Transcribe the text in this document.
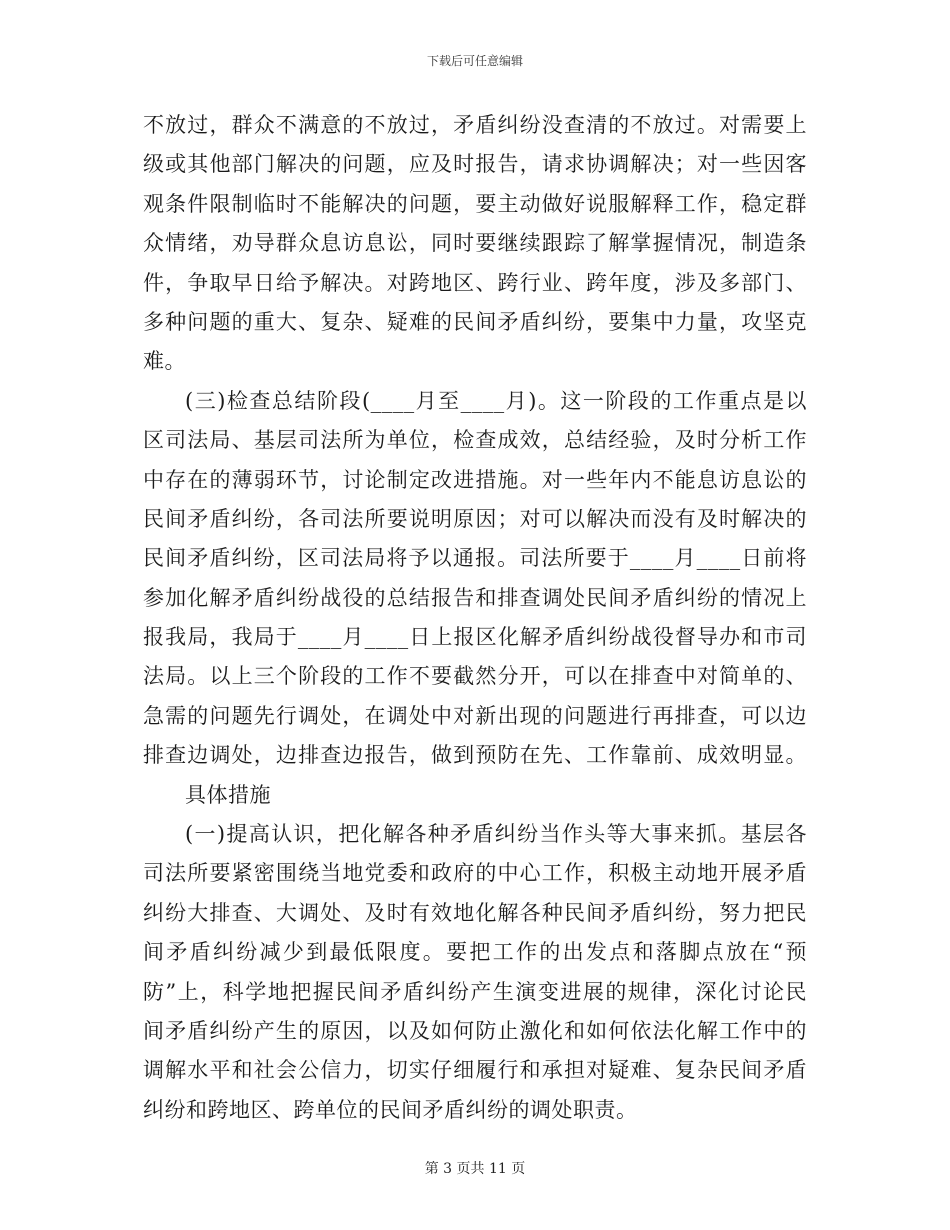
下载后可任意编辑
不放过，群众不满意的不放过，矛盾纠纷没查清的不放过。对需要上
级或其他部门解决的问题，应及时报告，请求协调解决；对一些因客
观条件限制临时不能解决的问题，要主动做好说服解释工作，稳定群
众情绪，劝导群众息访息讼，同时要继续跟踪了解掌握情况，制造条
件，争取早日给予解决。对跨地区、跨行业、跨年度，涉及多部门、
多种问题的重大、复杂、疑难的民间矛盾纠纷，要集中力量，攻坚克
难。
(三)检查总结阶段(____月至____月)。这一阶段的工作重点是以
区司法局、基层司法所为单位，检查成效，总结经验，及时分析工作
中存在的薄弱环节，讨论制定改进措施。对一些年内不能息访息讼的
民间矛盾纠纷，各司法所要说明原因；对可以解决而没有及时解决的
民间矛盾纠纷，区司法局将予以通报。司法所要于____月____日前将
参加化解矛盾纠纷战役的总结报告和排查调处民间矛盾纠纷的情况上
报我局，我局于____月____日上报区化解矛盾纠纷战役督导办和市司
法局。以上三个阶段的工作不要截然分开，可以在排查中对简单的、
急需的问题先行调处，在调处中对新出现的问题进行再排查，可以边
排查边调处，边排查边报告，做到预防在先、工作靠前、成效明显。
具体措施
(一)提高认识，把化解各种矛盾纠纷当作头等大事来抓。基层各
司法所要紧密围绕当地党委和政府的中心工作，积极主动地开展矛盾
纠纷大排查、大调处、及时有效地化解各种民间矛盾纠纷，努力把民
间矛盾纠纷减少到最低限度。要把工作的出发点和落脚点放在“预
防”上，科学地把握民间矛盾纠纷产生演变进展的规律，深化讨论民
间矛盾纠纷产生的原因，以及如何防止激化和如何依法化解工作中的
调解水平和社会公信力，切实仔细履行和承担对疑难、复杂民间矛盾
纠纷和跨地区、跨单位的民间矛盾纠纷的调处职责。
第 3 页共 11 页
